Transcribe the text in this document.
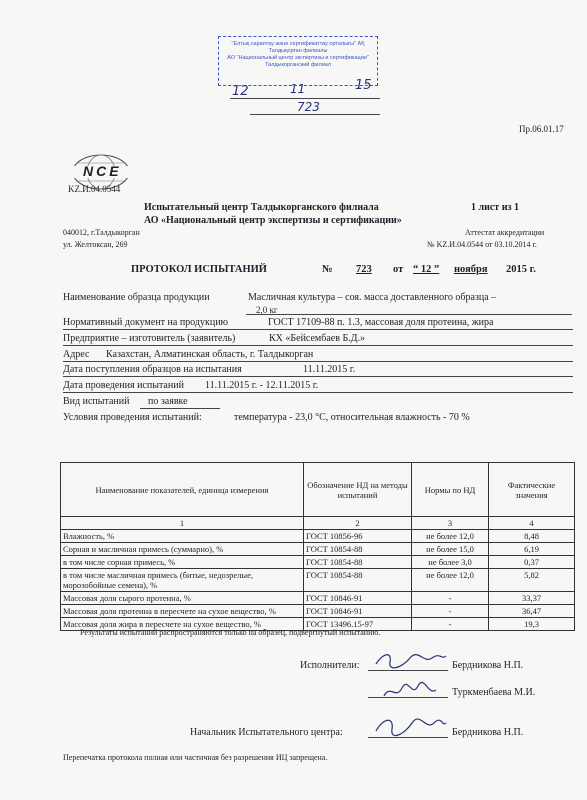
"Елтық сараптау және сертификаттау орталығы" АҚ
Талдықорған филиалы
АО "Национальный центр экспертизы и сертификации"
Талдыкорганский филиал
12	11	15
723
Пр.06.01.17
NCE
KZ.И.04.0544
Испытательный центр Талдыкорганского филиала	1 лист из 1
АО «Национальный центр экспертизы и сертификации»
040012, г.Талдыкорган
ул. Желтоксан, 269
Аттестат аккредитации
№ KZ.И.04.0544 от 03.10.2014 г.
ПРОТОКОЛ ИСПЫТАНИЙ	№ 723 от “ 12 ” ноября 2015 г.
Наименование образца продукции	Масличная культура – соя. масса доставленного образца –
2,0 кг
Нормативный документ на продукцию	ГОСТ 17109-88 п. 1.3, массовая доля протеина, жира
Предприятие – изготовитель (заявитель)	КХ «Бейсембаев Б.Д.»
Адрес Казахстан, Алматинская область, г. Талдыкорган
Дата поступления образцов на испытания	11.11.2015 г.
Дата проведения испытаний 11.11.2015 г. - 12.11.2015 г.
Вид испытаний по заявке
Условия проведения испытаний:	температура - 23,0 °С, относительная влажность - 70 %
Наименование показателей, единица измерения	Обозначение НД на методы испытаний	Нормы по НД	Фактические значения
1	2	3	4
Влажность, %	ГОСТ 10856-96	не более 12,0	8,48
Сорная и масличная примесь (суммарно), %	ГОСТ 10854-88	не более 15,0	6,19
в том числе сорная примесь, %	ГОСТ 10854-88	не более 3,0	0,37
в том числе масличная примесь (битые, недозрелые, морозобойные семена), %	ГОСТ 10854-88	не более 12,0	5,82
Массовая доля сырого протеина, %	ГОСТ 10846-91	-	33,37
Массовая доля протеина в пересчете на сухое вещество, %	ГОСТ 10846-91	-	36,47
Массовая доля жира в пересчете на сухое вещество, %	ГОСТ 13496.15-97	-	19,3
Результаты испытаний распространяются только на образец, подвергнутый испытанию.
Исполнители:	Бердникова Н.П.
Туркменбаева М.И.
Начальник Испытательного центра:	Бердникова Н.П.
Перепечатка протокола полная или частичная без разрешения ИЦ запрещена.
